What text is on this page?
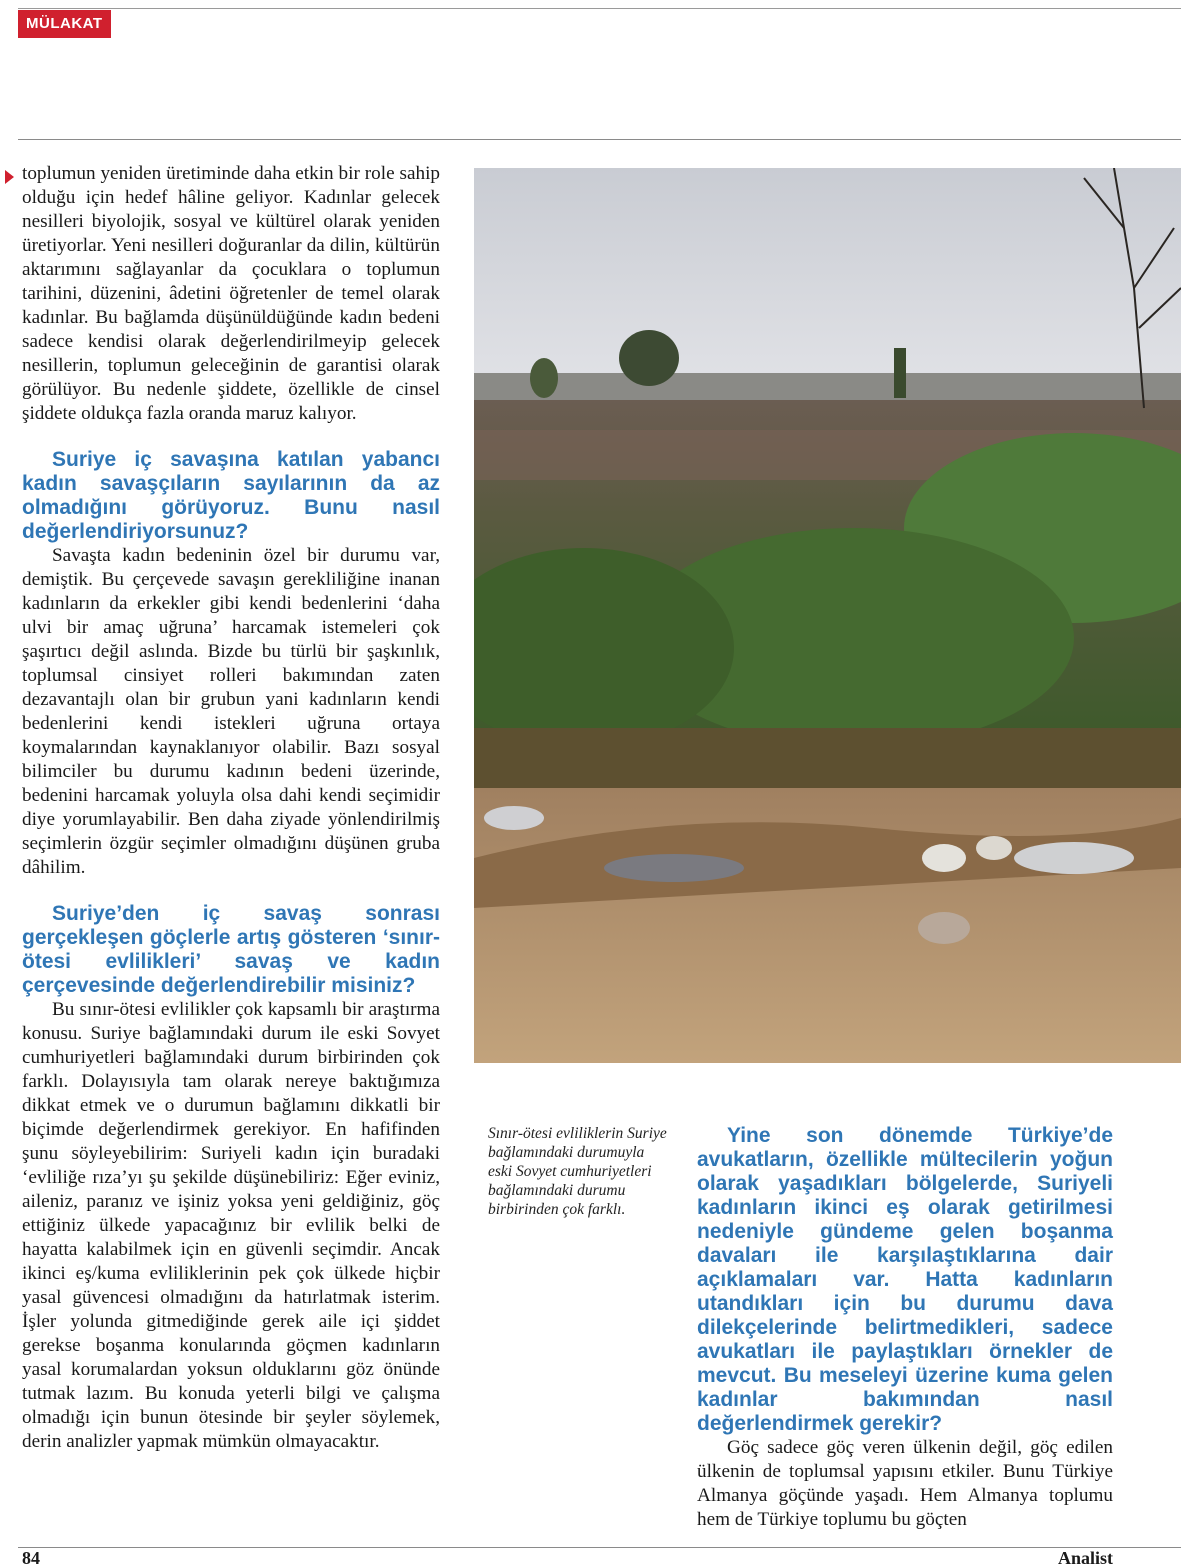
MÜLAKAT

toplumun yeniden üretiminde daha etkin bir role sahip olduğu için hedef hâline geliyor. Kadınlar gelecek nesilleri biyolojik, sosyal ve kültürel olarak yeniden üretiyorlar. Yeni nesilleri doğuranlar da dilin, kültürün aktarımını sağlayanlar da çocuklara o toplumun tarihini, düzenini, âdetini öğretenler de temel olarak kadınlar. Bu bağlamda düşünüldüğünde kadın bedeni sadece kendisi olarak değerlendirilmeyip gelecek nesillerin, toplumun geleceğinin de garantisi olarak görülüyor. Bu nedenle şiddete, özellikle de cinsel şiddete oldukça fazla oranda maruz kalıyor.

Suriye iç savaşına katılan yabancı kadın savaşçıların sayılarının da az olmadığını görüyoruz. Bunu nasıl değerlendiriyorsunuz?

Savaşta kadın bedeninin özel bir durumu var, demiştik. Bu çerçevede savaşın gerekliliğine inanan kadınların da erkekler gibi kendi bedenlerini ‘daha ulvi bir amaç uğruna’ harcamak istemeleri çok şaşırtıcı değil aslında. Bizde bu türlü bir şaşkınlık, toplumsal cinsiyet rolleri bakımından zaten dezavantajlı olan bir grubun yani kadınların kendi bedenlerini kendi istekleri uğruna ortaya koymalarından kaynaklanıyor olabilir. Bazı sosyal bilimciler bu durumu kadının bedeni üzerinde, bedenini harcamak yoluyla olsa dahi kendi seçimidir diye yorumlayabilir. Ben daha ziyade yönlendirilmiş seçimlerin özgür seçimler olmadığını düşünen gruba dâhilim.

Suriye’den iç savaş sonrası gerçekleşen göçlerle artış gösteren ‘sınır-ötesi evlilikleri’ savaş ve kadın çerçevesinde değerlendirebilir misiniz?

Bu sınır-ötesi evlilikler çok kapsamlı bir araştırma konusu. Suriye bağlamındaki durum ile eski Sovyet cumhuriyetleri bağlamındaki durum birbirinden çok farklı. Dolayısıyla tam olarak nereye baktığımıza dikkat etmek ve o durumun bağlamını dikkatli bir biçimde değerlendirmek gerekiyor. En hafifinden şunu söyleyebilirim: Suriyeli kadın için buradaki ‘evliliğe rıza’yı şu şekilde düşünebiliriz: Eğer eviniz, aileniz, paranız ve işiniz yoksa yeni geldiğiniz, göç ettiğiniz ülkede yapacağınız bir evlilik belki de hayatta kalabilmek için en güvenli seçimdir. Ancak ikinci eş/kuma evliliklerinin pek çok ülkede hiçbir yasal güvencesi olmadığını da hatırlatmak isterim. İşler yolunda gitmediğinde gerek aile içi şiddet gerekse boşanma konularında göçmen kadınların yasal korumalardan yoksun olduklarını göz önünde tutmak lazım. Bu konuda yeterli bilgi ve çalışma olmadığı için bunun ötesinde bir şeyler söylemek, derin analizler yapmak mümkün olmayacaktır.

Sınır-ötesi evliliklerin Suriye bağlamındaki durumuyla eski Sovyet cumhuriyetleri bağlamındaki durumu birbirinden çok farklı.

Yine son dönemde Türkiye’de avukatların, özellikle mültecilerin yoğun olarak yaşadıkları bölgelerde, Suriyeli kadınların ikinci eş olarak getirilmesi nedeniyle gündeme gelen boşanma davaları ile karşılaştıklarına dair açıklamaları var. Hatta kadınların utandıkları için bu durumu dava dilekçelerinde belirtmedikleri, sadece avukatları ile paylaştıkları örnekler de mevcut. Bu meseleyi üzerine kuma gelen kadınlar bakımından nasıl değerlendirmek gerekir?

Göç sadece göç veren ülkenin değil, göç edilen ülkenin de toplumsal yapısını etkiler. Bunu Türkiye Almanya göçünde yaşadı. Hem Almanya toplumu hem de Türkiye toplumu bu göçten

84	Analist
